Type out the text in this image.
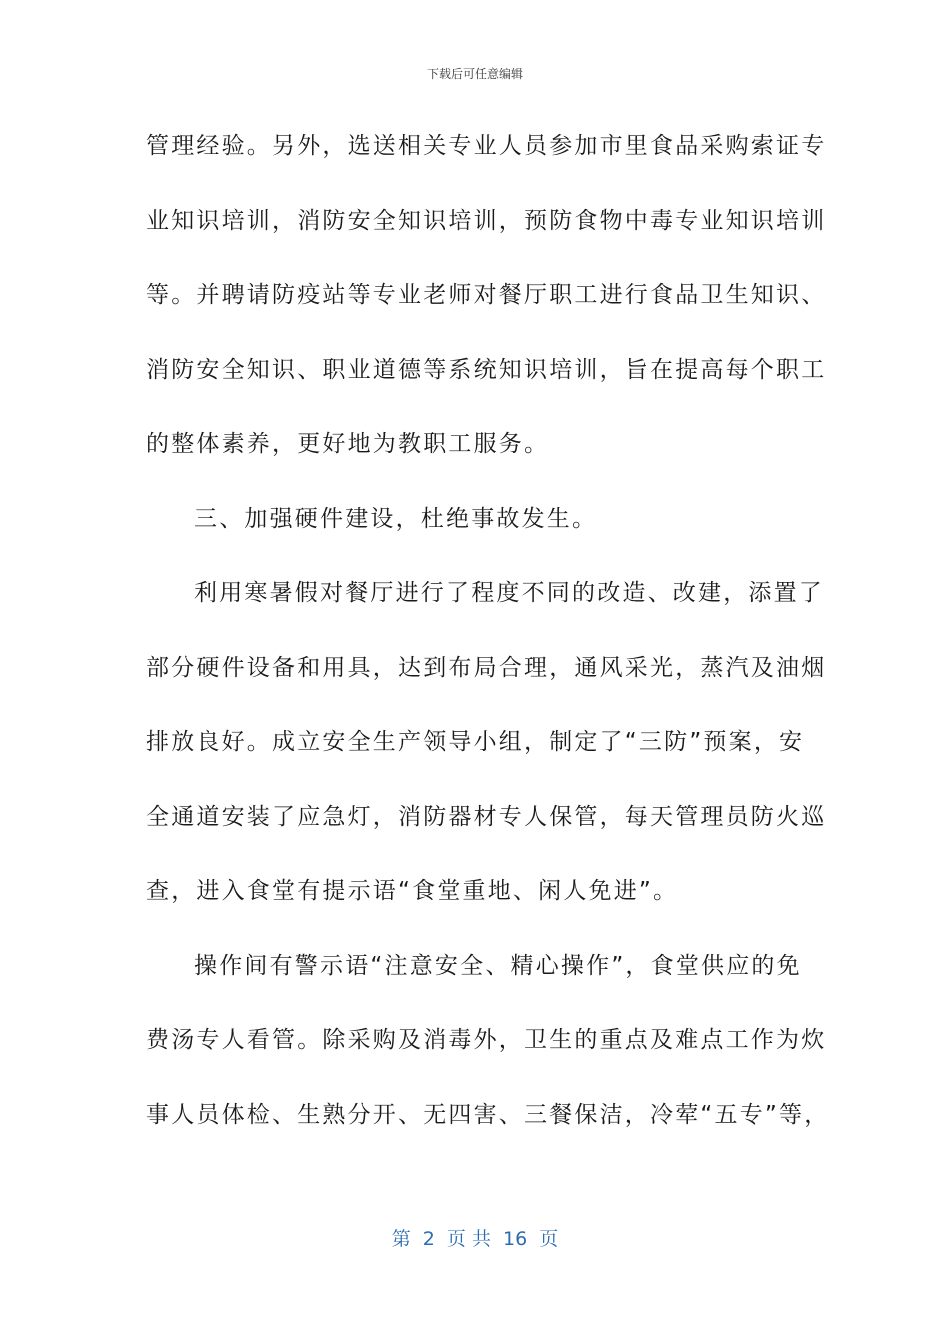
下载后可任意编辑
管理经验。另外，选送相关专业人员参加市里食品采购索证专
业知识培训，消防安全知识培训，预防食物中毒专业知识培训
等。并聘请防疫站等专业老师对餐厅职工进行食品卫生知识、
消防安全知识、职业道德等系统知识培训，旨在提高每个职工
的整体素养，更好地为教职工服务。
三、加强硬件建设，杜绝事故发生。
利用寒暑假对餐厅进行了程度不同的改造、改建，添置了
部分硬件设备和用具，达到布局合理，通风采光，蒸汽及油烟
排放良好。成立安全生产领导小组，制定了“三防”预案，安
全通道安装了应急灯，消防器材专人保管，每天管理员防火巡
查，进入食堂有提示语“食堂重地、闲人免进”。
操作间有警示语“注意安全、精心操作”，食堂供应的免
费汤专人看管。除采购及消毒外，卫生的重点及难点工作为炊
事人员体检、生熟分开、无四害、三餐保洁，冷荤“五专”等，
第  2  页 共  16  页
